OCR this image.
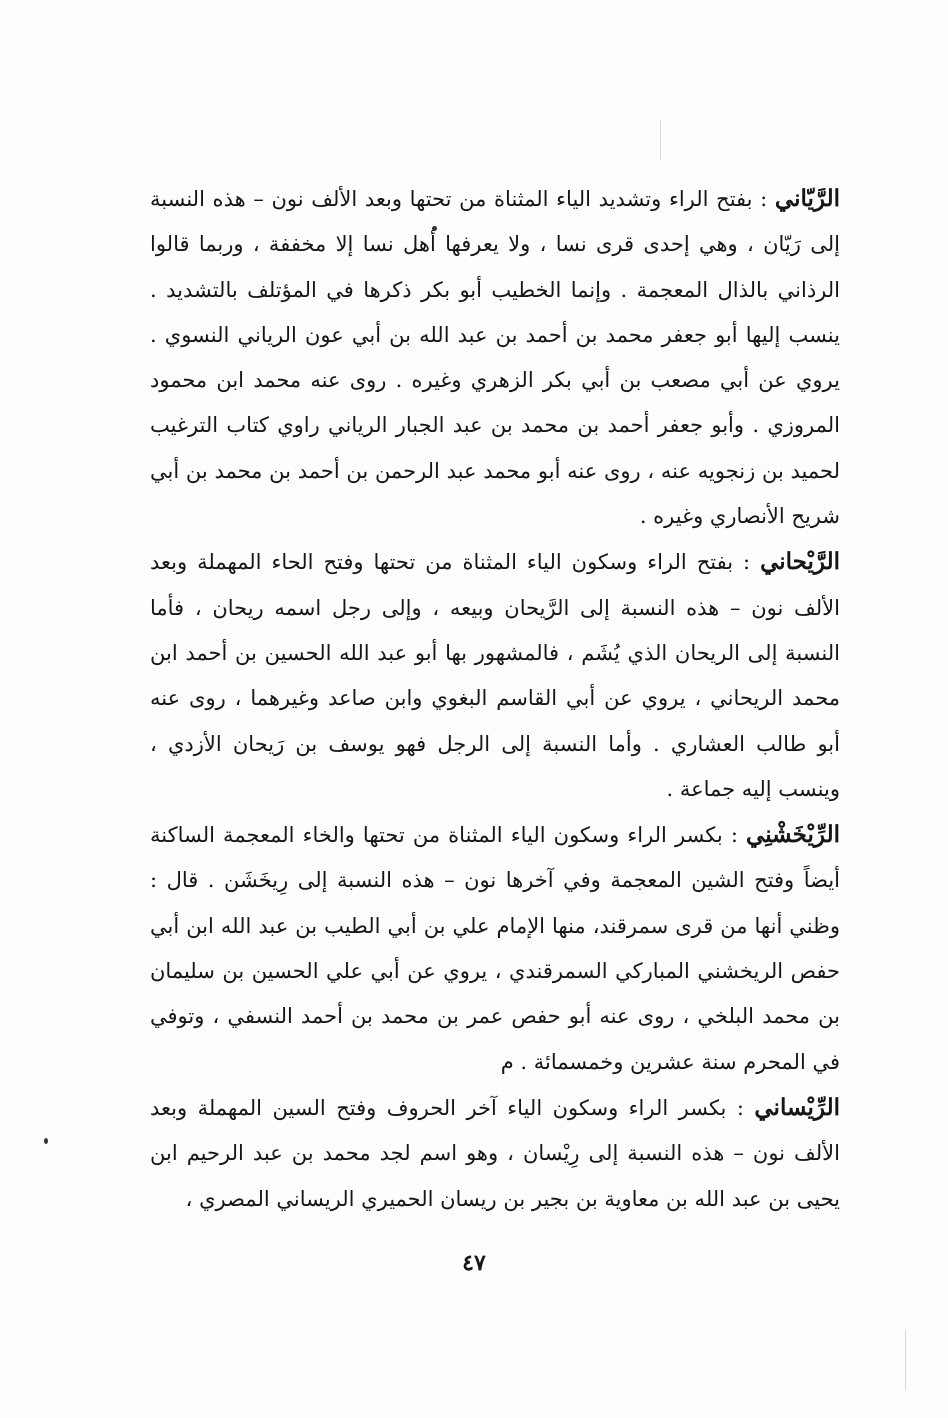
الرَّيّاني : بفتح الراء وتشديد الياء المثناة من تحتها وبعد الألف نون – هذه النسبة إلى رَيّان ، وهي إحدى قرى نسا ، ولا يعرفها أهل نسا إلا مخففة ، وربما قالوا الرذاني بالذال المعجمة . وإنما الخطيب أبو بكر ذكرها في المؤتلف بالتشديد . ينسب إليها أبو جعفر محمد بن أحمد بن عبد الله بن أبي عون الرياني النسوي . يروي عن أبي مصعب بن أبي بكر الزهري وغيره . روى عنه محمد ابن محمود المروزي . وأبو جعفر أحمد بن محمد بن عبد الجبار الرياني راوي كتاب الترغيب لحميد بن زنجويه عنه ، روى عنه أبو محمد عبد الرحمن بن أحمد بن محمد بن أبي شريح الأنصاري وغيره .

الرَّيْحاني : بفتح الراء وسكون الياء المثناة من تحتها وفتح الحاء المهملة وبعد الألف نون – هذه النسبة إلى الرَّيحان وبيعه ، وإلى رجل اسمه ريحان ، فأما النسبة إلى الريحان الذي يُشَم ، فالمشهور بها أبو عبد الله الحسين بن أحمد ابن محمد الريحاني ، يروي عن أبي القاسم البغوي وابن صاعد وغيرهما ، روى عنه أبو طالب العشاري . وأما النسبة إلى الرجل فهو يوسف بن رَيحان الأزدي ، وينسب إليه جماعة .

الرِّيْخَشْنِي : بكسر الراء وسكون الياء المثناة من تحتها والخاء المعجمة الساكنة أيضاً وفتح الشين المعجمة وفي آخرها نون – هذه النسبة إلى رِيخَشَن . قال : وظني أنها من قرى سمرقند، منها الإمام علي بن أبي الطيب بن عبد الله ابن أبي حفص الريخشني المباركي السمرقندي ، يروي عن أبي علي الحسين بن سليمان بن محمد البلخي ، روى عنه أبو حفص عمر بن محمد بن أحمد النسفي ، وتوفي في المحرم سنة عشرين وخمسمائة . م

الرِّيْساني : بكسر الراء وسكون الياء آخر الحروف وفتح السين المهملة وبعد الألف نون – هذه النسبة إلى رِيْسان ، وهو اسم لجد محمد بن عبد الرحيم ابن يحيى بن عبد الله بن معاوية بن بجير بن ريسان الحميري الريساني المصري ،

٤٧
